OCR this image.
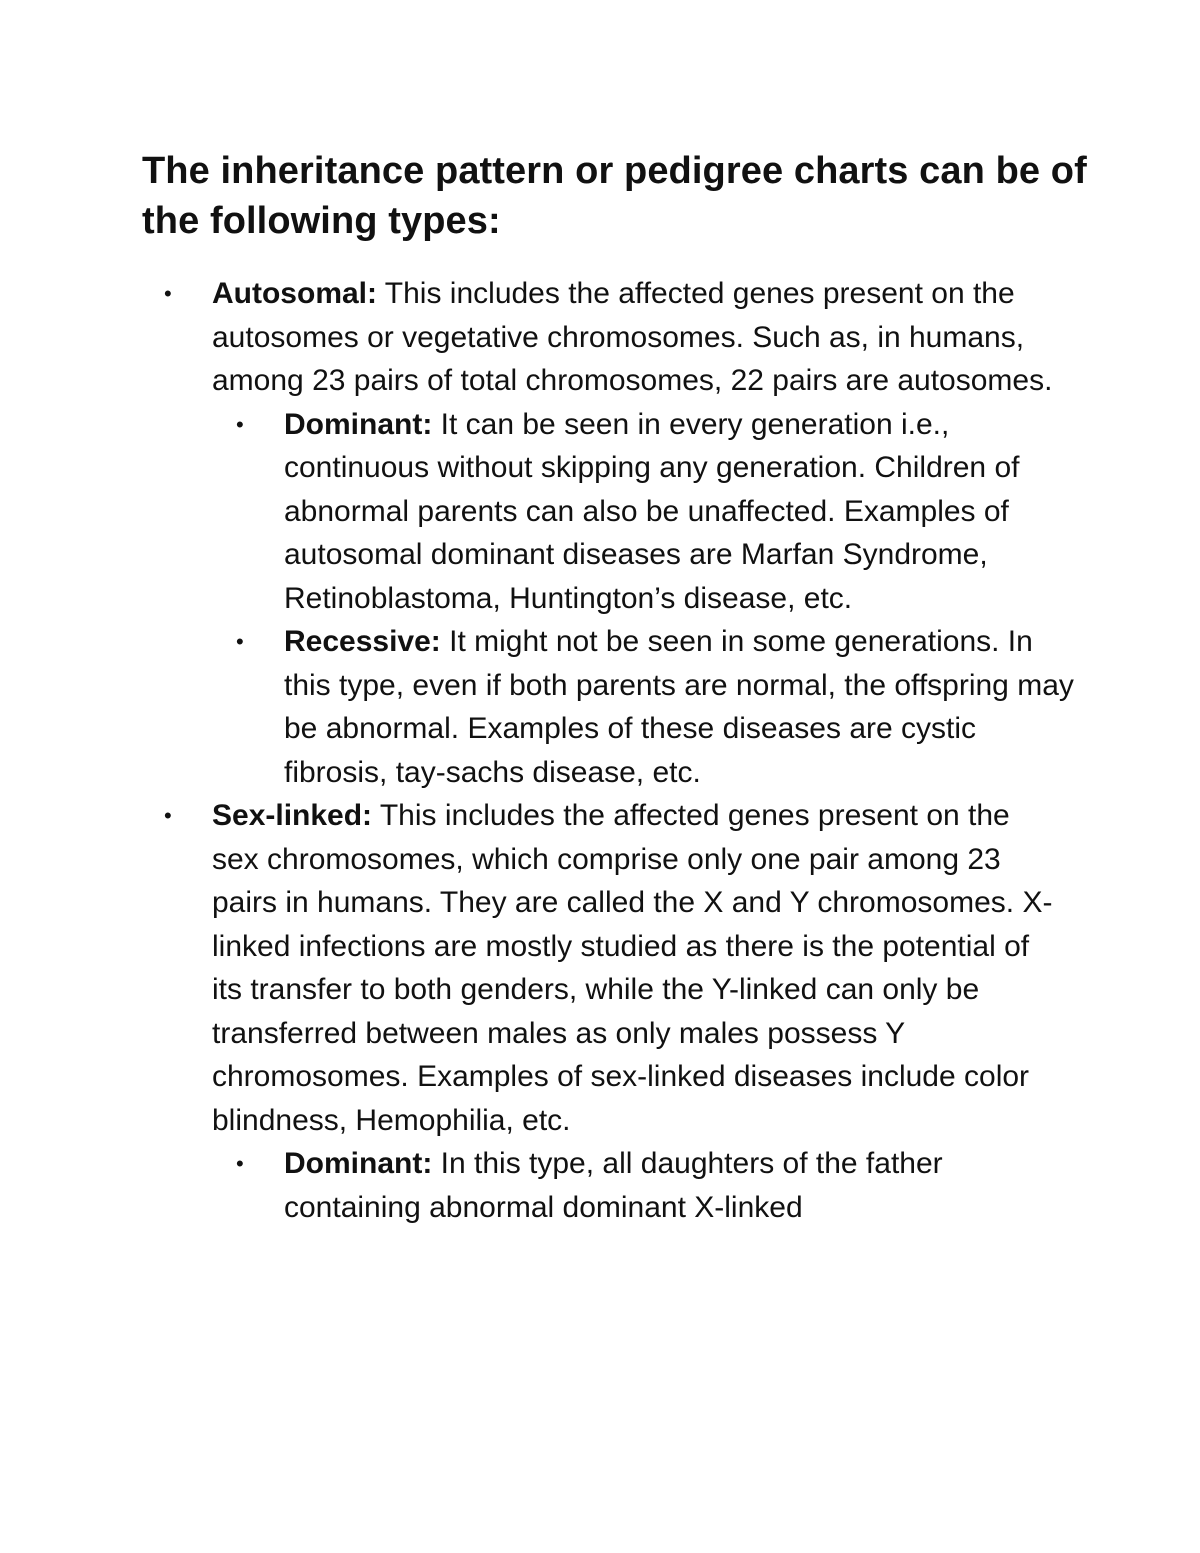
The inheritance pattern or pedigree charts can be of the following types:
• Autosomal: This includes the affected genes present on the autosomes or vegetative chromosomes. Such as, in humans, among 23 pairs of total chromosomes, 22 pairs are autosomes.
• Dominant: It can be seen in every generation i.e., continuous without skipping any generation. Children of abnormal parents can also be unaffected. Examples of autosomal dominant diseases are Marfan Syndrome, Retinoblastoma, Huntington’s disease, etc.
• Recessive: It might not be seen in some generations. In this type, even if both parents are normal, the offspring may be abnormal. Examples of these diseases are cystic fibrosis, tay-sachs disease, etc.
• Sex-linked: This includes the affected genes present on the sex chromosomes, which comprise only one pair among 23 pairs in humans. They are called the X and Y chromosomes. X-linked infections are mostly studied as there is the potential of its transfer to both genders, while the Y-linked can only be transferred between males as only males possess Y chromosomes. Examples of sex-linked diseases include color blindness, Hemophilia, etc.
• Dominant: In this type, all daughters of the father containing abnormal dominant X-linked
